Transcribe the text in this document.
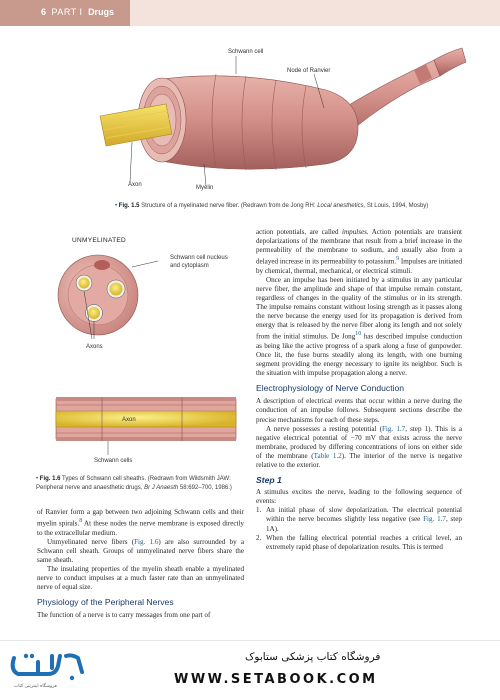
6 PART I Drugs
Schwann cell
Node of Ranvier
Axon	Myelin
• Fig. 1.5 Structure of a myelinated nerve fiber. (Redrawn from de Jong RH: Local anesthetics, St Louis, 1994, Mosby)
UNMYELINATED
Schwann cell nucleus and cytoplasm
Axons
Axon
Schwann cells
• Fig. 1.6 Types of Schwann cell sheaths. (Redrawn from Wildsmith JAW: Peripheral nerve and anaesthetic drugs, Br J Anaesth 58:692–700, 1986.)

of Ranvier form a gap between two adjoining Schwann cells and their myelin spirals.$^8$ At these nodes the nerve membrane is exposed directly to the extracellular medium.

Unmyelinated nerve fibers (Fig. 1.6) are also surrounded by a Schwann cell sheath. Groups of unmyelinated nerve fibers share the same sheath.

The insulating properties of the myelin sheath enable a myelinated nerve to conduct impulses at a much faster rate than an unmyelinated nerve of equal size.

Physiology of the Peripheral Nerves

The function of a nerve is to carry messages from one part of

action potentials, are called impulses. Action potentials are transient depolarizations of the membrane that result from a brief increase in the permeability of the membrane to sodium, and usually also from a delayed increase in its permeability to potassium.$^9$ Impulses are initiated by chemical, thermal, mechanical, or electrical stimuli.

Once an impulse has been initiated by a stimulus in any particular nerve fiber, the amplitude and shape of that impulse remain constant, regardless of changes in the quality of the stimulus or in its strength. The impulse remains constant without losing strength as it passes along the nerve because the energy used for its propagation is derived from energy that is released by the nerve fiber along its length and not solely from the initial stimulus. De Jong$^{10}$ has described impulse conduction as being like the active progress of a spark along a fuse of gunpowder. Once lit, the fuse burns steadily along its length, with one burning segment providing the energy necessary to ignite its neighbor. Such is the situation with impulse propagation along a nerve.

Electrophysiology of Nerve Conduction

A description of electrical events that occur within a nerve during the conduction of an impulse follows. Subsequent sections describe the precise mechanisms for each of these steps.

A nerve possesses a resting potential (Fig. 1.7, step 1). This is a negative electrical potential of −70 mV that exists across the nerve membrane, produced by differing concentrations of ions on either side of the membrane (Table 1.2). The interior of the nerve is negative relative to the exterior.

Step 1

A stimulus excites the nerve, leading to the following sequence of events:

1. An initial phase of slow depolarization. The electrical potential within the nerve becomes slightly less negative (see Fig. 1.7, step 1A).
2. When the falling electrical potential reaches a critical level, an extremely rapid phase of depolarization results. This is termed
فروشگاه اینترنتی کتاب
فروشگاه کتاب پزشکی ستابوک
WWW.SETABOOK.COM
